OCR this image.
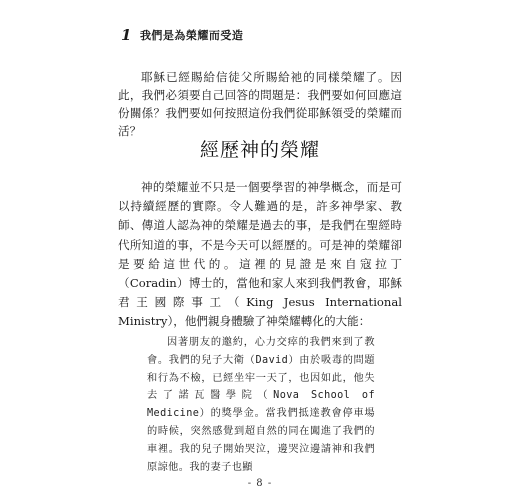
1 我們是為榮耀而受造

耶穌已經賜給信徒父所賜給祂的同樣榮耀了。因此，我們必須要自己回答的問題是：我們要如何回應這份關係？我們要如何按照這份我們從耶穌領受的榮耀而活？

經歷神的榮耀

神的榮耀並不只是一個要學習的神學概念，而是可以持續經歷的實際。令人難過的是，許多神學家、教師、傳道人認為神的榮耀是過去的事，是我們在聖經時代所知道的事，不是今天可以經歷的。可是神的榮耀卻是要給這世代的。這裡的見證是來自寇拉丁（Coradin）博士的，當他和家人來到我們教會，耶穌君王國際事工（King Jesus International Ministry），他們親身體驗了神榮耀轉化的大能：

因著朋友的邀約，心力交瘁的我們來到了教會。我們的兒子大衛（David）由於吸毒的問題和行為不檢，已經坐牢一天了，也因如此，他失去了諾瓦醫學院（Nova School of Medicine）的獎學金。當我們抵達教會停車場的時候，突然感覺到超自然的同在闖進了我們的車裡。我的兒子開始哭泣，邊哭泣邊請神和我們原諒他。我的妻子也顯

- 8 -
